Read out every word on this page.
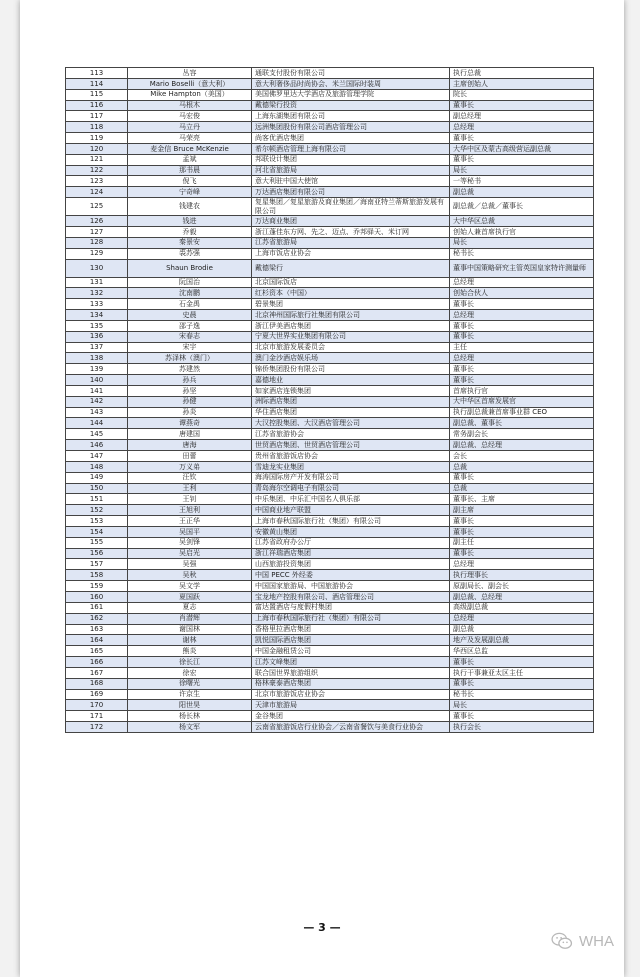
113	丛容	通联支付股份有限公司	执行总裁
114	Mario Boselli（意大利）	意大利奢侈品时尚协会、米兰国际时装周	主席创始人
115	Mike Hampton（美国）	美国佛罗里达大学酒店及旅游管理学院	院长
116	马根木	戴德梁行投资	董事长
117	马宏俊	上海东湖集团有限公司	副总经理
118	马立丹	远洲集团股份有限公司酒店管理公司	总经理
119	马荣亮	尚客优酒店集团	董事长
120	麦金信 Bruce McKenzie	希尔顿酒店管理上海有限公司	大华中区及蒙古高级营运副总裁
121	孟斌	邦联设计集团	董事长
122	那书晨	河北省旅游局	局长
123	倪飞	意大利驻中国大使馆	一等秘书
124	宁奇峰	万达酒店集团有限公司	副总裁
125	钱建农	复星集团／复星旅游及商业集团／海南亚特兰蒂斯旅游发展有限公司	副总裁／总裁／董事长
126	钱进	万达商业集团	大中华区总裁
127	乔毅	浙江蓬佳东方网、先之、迈点、乔邦驿天、米订网	创始人兼首席执行官
128	秦景安	江苏省旅游局	局长
129	裘苏强	上海市饭店业协会	秘书长
130	Shaun Brodie	戴德梁行	董事中国策略研究主管英国皇家特许测量师
131	阮国治	北京国际饭店	总经理
132	沈南鹏	红杉资本（中国）	创始合伙人
133	石金禹	碧景集团	董事长
134	史晨	北京神州国际旅行社集团有限公司	总经理
135	邵子逸	浙江伊美酒店集团	董事长
136	宋春志	宁夏大世界实业集团有限公司	董事长
137	宋宇	北京市旅游发展委员会	主任
138	苏泽林（澳门）	澳门金沙酒店娱乐场	总经理
139	苏建然	锦侨集团股份有限公司	董事长
140	孙兵	嘉德地业	董事长
141	孙坚	如家酒店连锁集团	首席执行官
142	孙健	洲际酒店集团	大中华区首席发展官
143	孙炎	华住酒店集团	执行副总裁兼首席事业群 CEO
144	谭燕奇	大汉控股集团、大汉酒店管理公司	副总裁、董事长
145	唐建国	江苏省旅游协会	常务副会长
146	唐海	世贸酒店集团、世贸酒店管理公司	副总裁、总经理
147	田蕾	贵州省旅游饭店协会	会长
148	万义弟	雪迪龙实业集团	总裁
149	汪钦	海涛国际房产开发有限公司	董事长
150	王利	青岛海尔空调电子有限公司	总裁
151	王钊	中乐集团、中乐汇中国名人俱乐部	董事长、主席
152	王旭利	中国商业地产联盟	副主席
153	王正华	上海市春秋国际旅行社（集团）有限公司	董事长
154	吴国平	安徽黄山集团	董事长
155	吴剑锋	江苏省政府办公厅	副主任
156	吴启光	浙江祥瑞酒店集团	董事长
157	吴强	山西旅游投资集团	总经理
158	吴秋	中国 PECC 外经委	执行理事长
159	吴文学	中国国家旅游局、中国旅游协会	原副局长、副会长
160	夏国跃	宝龙地产控股有限公司、酒店管理公司	副总裁、总经理
161	夏志	富达置酒店与度假村集团	高级副总裁
162	肖潜辉	上海市春秋国际旅行社（集团）有限公司	总经理
163	谢国林	香格里拉酒店集团	副总裁
164	谢林	凯悦国际酒店集团	地产及发展副总裁
165	熊炎	中国金融租赁公司	华西区总监
166	徐长江	江苏文峰集团	董事长
167	徐宏	联合国世界旅游组织	执行干事兼亚太区主任
168	徐曙光	格林豪泰酒店集团	董事长
169	许京生	北京市旅游饭店业协会	秘书长
170	阳世昊	天津市旅游局	局长
171	杨长林	金谷集团	董事长
172	杨文军	云南省旅游饭店行业协会／云南省餐饮与美食行业协会	执行会长
— 3 —
WHA
